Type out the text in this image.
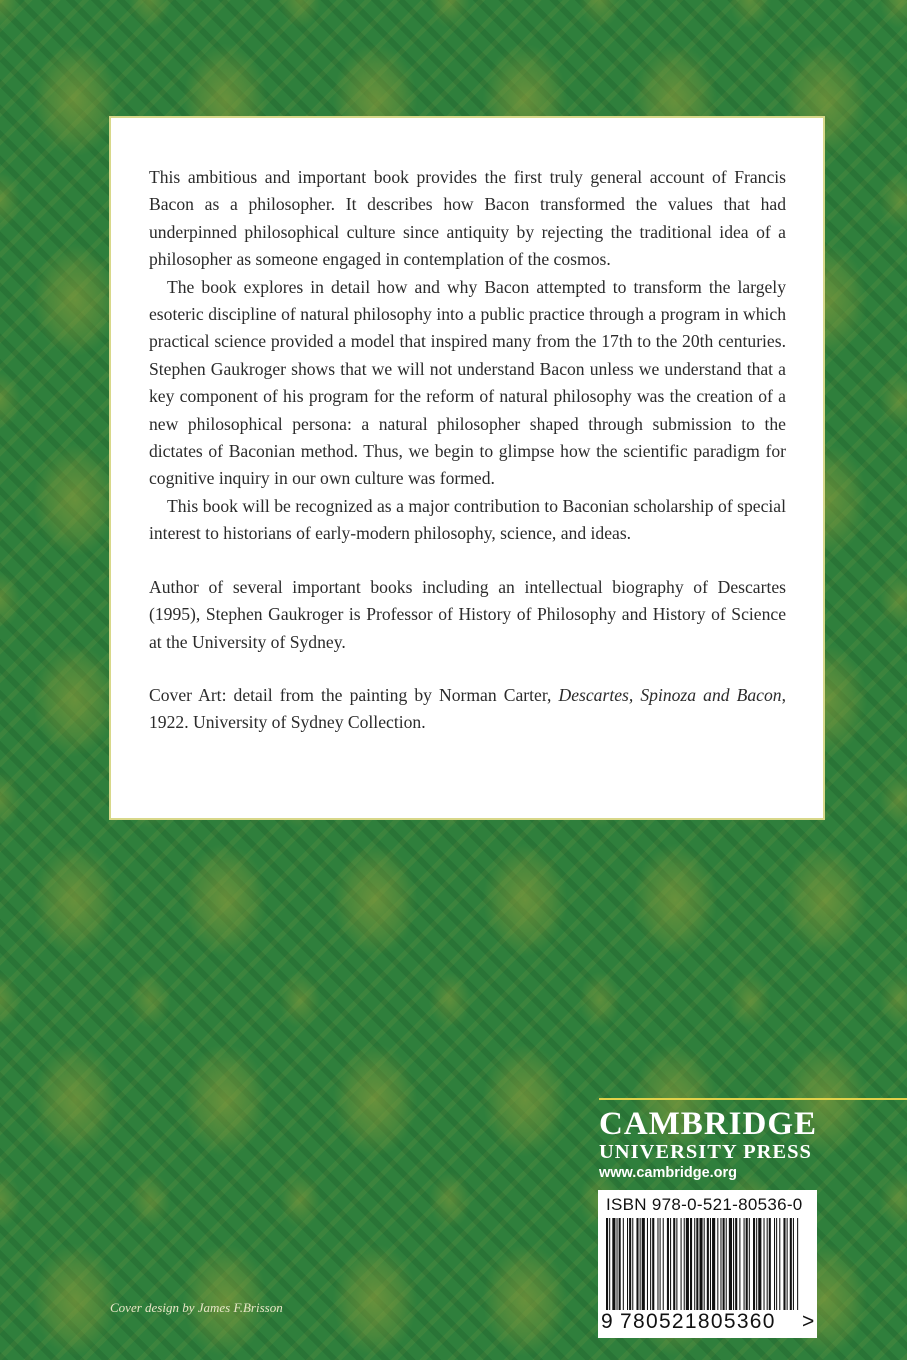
This ambitious and important book provides the first truly general account of Francis Bacon as a philosopher. It describes how Bacon transformed the values that had underpinned philosophical culture since antiquity by rejecting the traditional idea of a philosopher as someone engaged in contemplation of the cosmos.

The book explores in detail how and why Bacon attempted to transform the largely esoteric discipline of natural philosophy into a public practice through a program in which practical science provided a model that inspired many from the 17th to the 20th centuries. Stephen Gaukroger shows that we will not understand Bacon unless we understand that a key component of his program for the reform of natural philosophy was the creation of a new philosophical persona: a natural philosopher shaped through submission to the dictates of Baconian method. Thus, we begin to glimpse how the scientific paradigm for cognitive inquiry in our own culture was formed.

This book will be recognized as a major contribution to Baconian scholarship of special interest to historians of early-modern philosophy, science, and ideas.

Author of several important books including an intellectual biography of Descartes (1995), Stephen Gaukroger is Professor of History of Philosophy and History of Science at the University of Sydney.

Cover Art: detail from the painting by Norman Carter, Descartes, Spinoza and Bacon, 1922. University of Sydney Collection.

CAMBRIDGE
UNIVERSITY PRESS
www.cambridge.org
ISBN 978-0-521-80536-0
9 780521805360 >
Cover design by James F.Brisson
